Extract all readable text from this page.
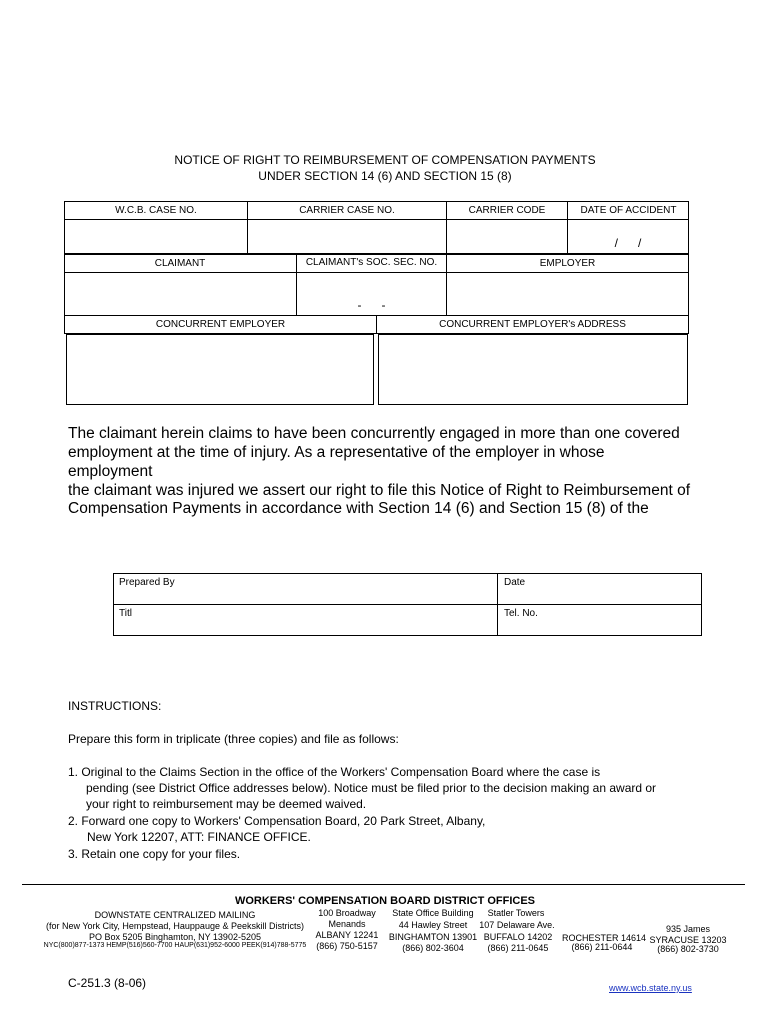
NOTICE OF RIGHT TO REIMBURSEMENT OF COMPENSATION PAYMENTS
UNDER SECTION 14 (6) AND SECTION 15 (8)
W.C.B. CASE NO.	CARRIER CASE NO.	CARRIER CODE	DATE OF ACCIDENT
/      /
CLAIMANT	CLAIMANT's SOC. SEC. NO.	EMPLOYER
-      -
CONCURRENT EMPLOYER	CONCURRENT EMPLOYER's ADDRESS
The claimant herein claims to have been concurrently engaged in more than one covered
employment at the time of injury. As a representative of the employer in whose
employment
the claimant was injured we assert our right to file this Notice of Right to Reimbursement of
Compensation Payments in accordance with Section 14 (6) and Section 15 (8) of the
Prepared By	Date
Titl	Tel. No.
INSTRUCTIONS:
Prepare this form in triplicate (three copies) and file as follows:
1. Original to the Claims Section in the office of the Workers' Compensation Board where the case is
pending (see District Office addresses below). Notice must be filed prior to the decision making an award or
your right to reimbursement may be deemed waived.
2. Forward one copy to Workers' Compensation Board, 20 Park Street, Albany,
New York 12207, ATT: FINANCE OFFICE.
3. Retain one copy for your files.
WORKERS' COMPENSATION BOARD DISTRICT OFFICES
DOWNSTATE CENTRALIZED MAILING
(for New York City, Hempstead, Hauppauge & Peekskill Districts)
PO Box 5205 Binghamton, NY 13902-5205
NYC(800)877-1373 HEMP(516)560-7700 HAUP(631)952-6000 PEEK(914)788-5775
100 Broadway
Menands
ALBANY 12241
(866) 750-5157
State Office Building
44 Hawley Street
BINGHAMTON 13901
(866) 802-3604
Statler Towers
107 Delaware Ave.
BUFFALO 14202
(866) 211-0645
ROCHESTER 14614
(866) 211-0644
935 James
SYRACUSE 13203
(866) 802-3730
C-251.3 (8-06)	www.wcb.state.ny.us
